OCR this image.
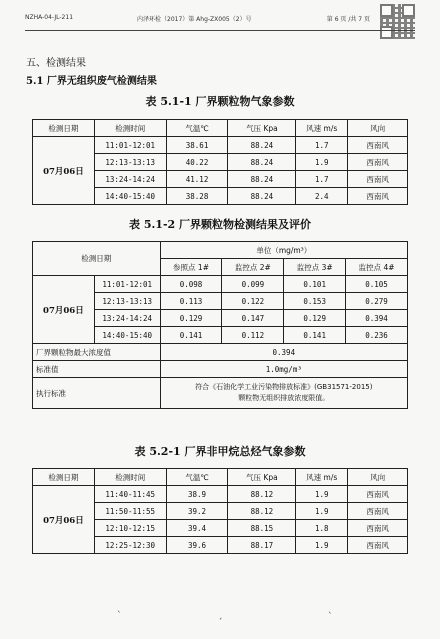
NZHA-04-JL-211	内泽环检（2017）第 Ahg-ZX005（2）号	第 6 页 /共 7 页
五、检测结果
5.1 厂界无组织废气检测结果
表 5.1-1 厂界颗粒物气象参数
检测日期	检测时间	气温℃	气压 Kpa	风速 m/s	风向
07月06日	11:01-12:01	38.61	88.24	1.7	西南风
	12:13-13:13	40.22	88.24	1.9	西南风
	13:24-14:24	41.12	88.24	1.7	西南风
	14:40-15:40	38.28	88.24	2.4	西南风
表 5.1-2 厂界颗粒物检测结果及评价
检测日期		单位（mg/m³）			
		参照点 1#	监控点 2#	监控点 3#	监控点 4#
07月06日	11:01-12:01	0.098	0.099	0.101	0.105
	12:13-13:13	0.113	0.122	0.153	0.279
	13:24-14:24	0.129	0.147	0.129	0.394
	14:40-15:40	0.141	0.112	0.141	0.236
厂界颗粒物最大浓度值		0.394			
标准值		1.0mg/m³			
执行标准		符合《石油化学工业污染物排放标准》(GB31571-2015)
颗粒物无组织排放浓度限值。			
表 5.2-1 厂界非甲烷总烃气象参数
检测日期	检测时间	气温℃	气压 Kpa	风速 m/s	风向
07月06日	11:40-11:45	38.9	88.12	1.9	西南风
	11:50-11:55	39.2	88.12	1.9	西南风
	12:10-12:15	39.4	88.15	1.8	西南风
	12:25-12:30	39.6	88.17	1.9	西南风
ˋ
ˊ
ˋ
